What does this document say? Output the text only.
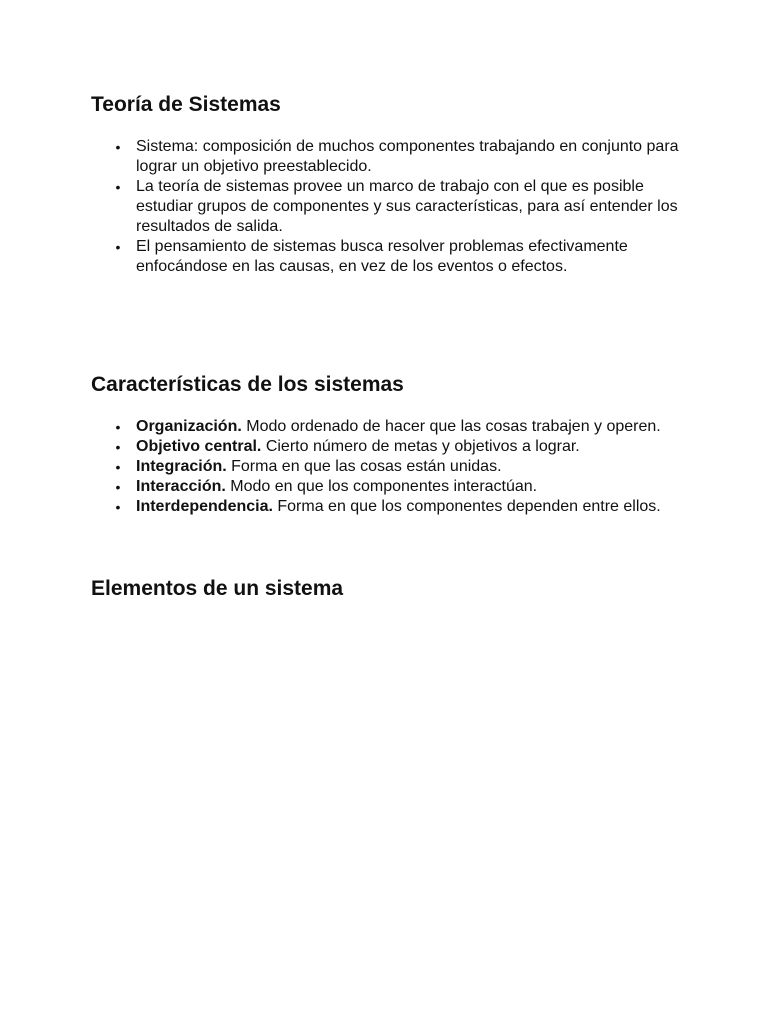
Teoría de Sistemas
• Sistema: composición de muchos componentes trabajando en conjunto para lograr un objetivo preestablecido.
• La teoría de sistemas provee un marco de trabajo con el que es posible estudiar grupos de componentes y sus características, para así entender los resultados de salida.
• El pensamiento de sistemas busca resolver problemas efectivamente enfocándose en las causas, en vez de los eventos o efectos.
Características de los sistemas
• Organización. Modo ordenado de hacer que las cosas trabajen y operen.
• Objetivo central. Cierto número de metas y objetivos a lograr.
• Integración. Forma en que las cosas están unidas.
• Interacción. Modo en que los componentes interactúan.
• Interdependencia. Forma en que los componentes dependen entre ellos.
Elementos de un sistema
